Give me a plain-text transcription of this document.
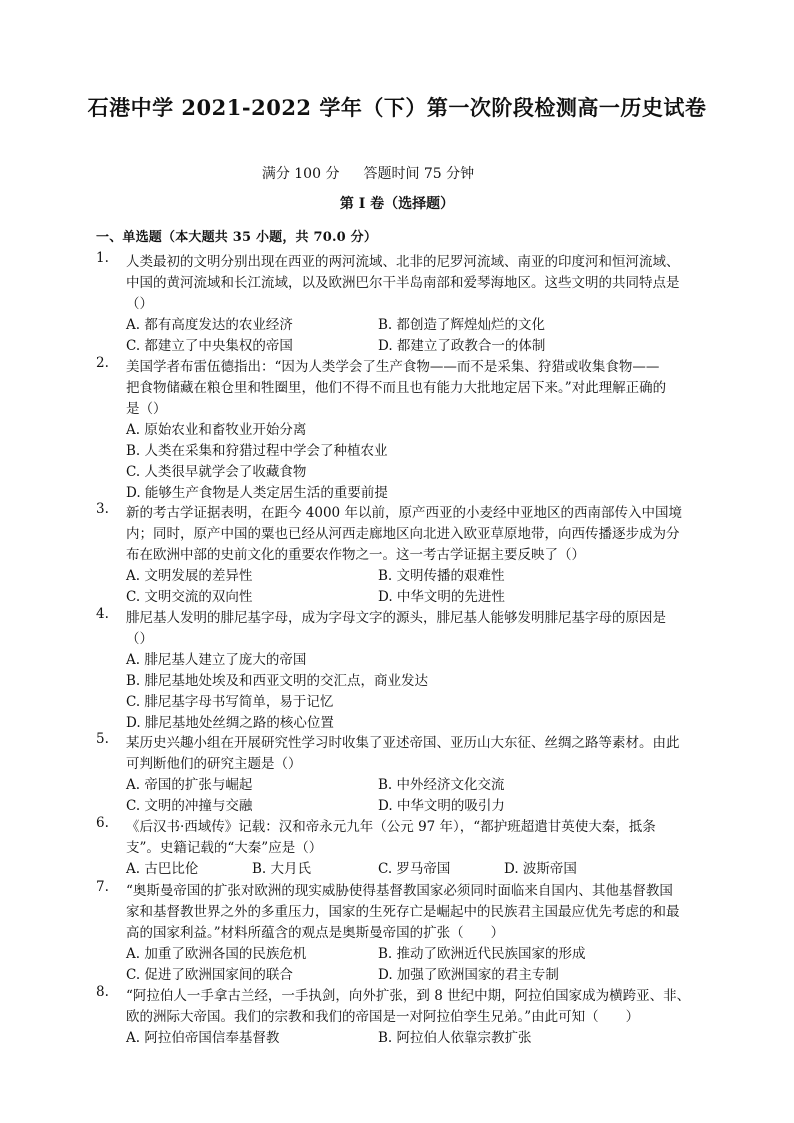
石港中学 2021-2022 学年（下）第一次阶段检测高一历史试卷
满分 100 分 答题时间 75 分钟
第 I 卷（选择题）
一、单选题（本大题共 35 小题，共 70.0 分）
1. 人类最初的文明分别出现在西亚的两河流域、北非的尼罗河流域、南亚的印度河和恒河流域、
中国的黄河流域和长江流域，以及欧洲巴尔干半岛南部和爱琴海地区。这些文明的共同特点是
（）
A. 都有高度发达的农业经济	B. 都创造了辉煌灿烂的文化
C. 都建立了中央集权的帝国	D. 都建立了政教合一的体制
2. 美国学者布雷伍德指出：“因为人类学会了生产食物——而不是采集、狩猎或收集食物——
把食物储藏在粮仓里和牲圈里，他们不得不而且也有能力大批地定居下来。”对此理解正确的
是（）
A. 原始农业和畜牧业开始分离
B. 人类在采集和狩猎过程中学会了种植农业
C. 人类很早就学会了收藏食物
D. 能够生产食物是人类定居生活的重要前提
3. 新的考古学证据表明，在距今 4000 年以前，原产西亚的小麦经中亚地区的西南部传入中国境
内；同时，原产中国的粟也已经从河西走廊地区向北进入欧亚草原地带，向西传播逐步成为分
布在欧洲中部的史前文化的重要农作物之一。这一考古学证据主要反映了（）
A. 文明发展的差异性	B. 文明传播的艰难性
C. 文明交流的双向性	D. 中华文明的先进性
4. 腓尼基人发明的腓尼基字母，成为字母文字的源头，腓尼基人能够发明腓尼基字母的原因是
（）
A. 腓尼基人建立了庞大的帝国
B. 腓尼基地处埃及和西亚文明的交汇点，商业发达
C. 腓尼基字母书写简单，易于记忆
D. 腓尼基地处丝绸之路的核心位置
5. 某历史兴趣小组在开展研究性学习时收集了亚述帝国、亚历山大东征、丝绸之路等素材。由此
可判断他们的研究主题是（）
A. 帝国的扩张与崛起	B. 中外经济文化交流
C. 文明的冲撞与交融	D. 中华文明的吸引力
6. 《后汉书·西域传》记载：汉和帝永元九年（公元 97 年），“都护班超遣甘英使大秦，抵条
支”。史籍记载的“大秦”应是（）
A. 古巴比伦	B. 大月氏	C. 罗马帝国	D. 波斯帝国
7. “奥斯曼帝国的扩张对欧洲的现实威胁使得基督教国家必须同时面临来自国内、其他基督教国
家和基督教世界之外的多重压力，国家的生死存亡是崛起中的民族君主国最应优先考虑的和最
高的国家利益。”材料所蕴含的观点是奥斯曼帝国的扩张（　　）
A. 加重了欧洲各国的民族危机	B. 推动了欧洲近代民族国家的形成
C. 促进了欧洲国家间的联合	D. 加强了欧洲国家的君主专制
8. “阿拉伯人一手拿古兰经，一手执剑，向外扩张，到 8 世纪中期，阿拉伯国家成为横跨亚、非、
欧的洲际大帝国。我们的宗教和我们的帝国是一对阿拉伯孪生兄弟。”由此可知（　　）
A. 阿拉伯帝国信奉基督教	B. 阿拉伯人依靠宗教扩张
